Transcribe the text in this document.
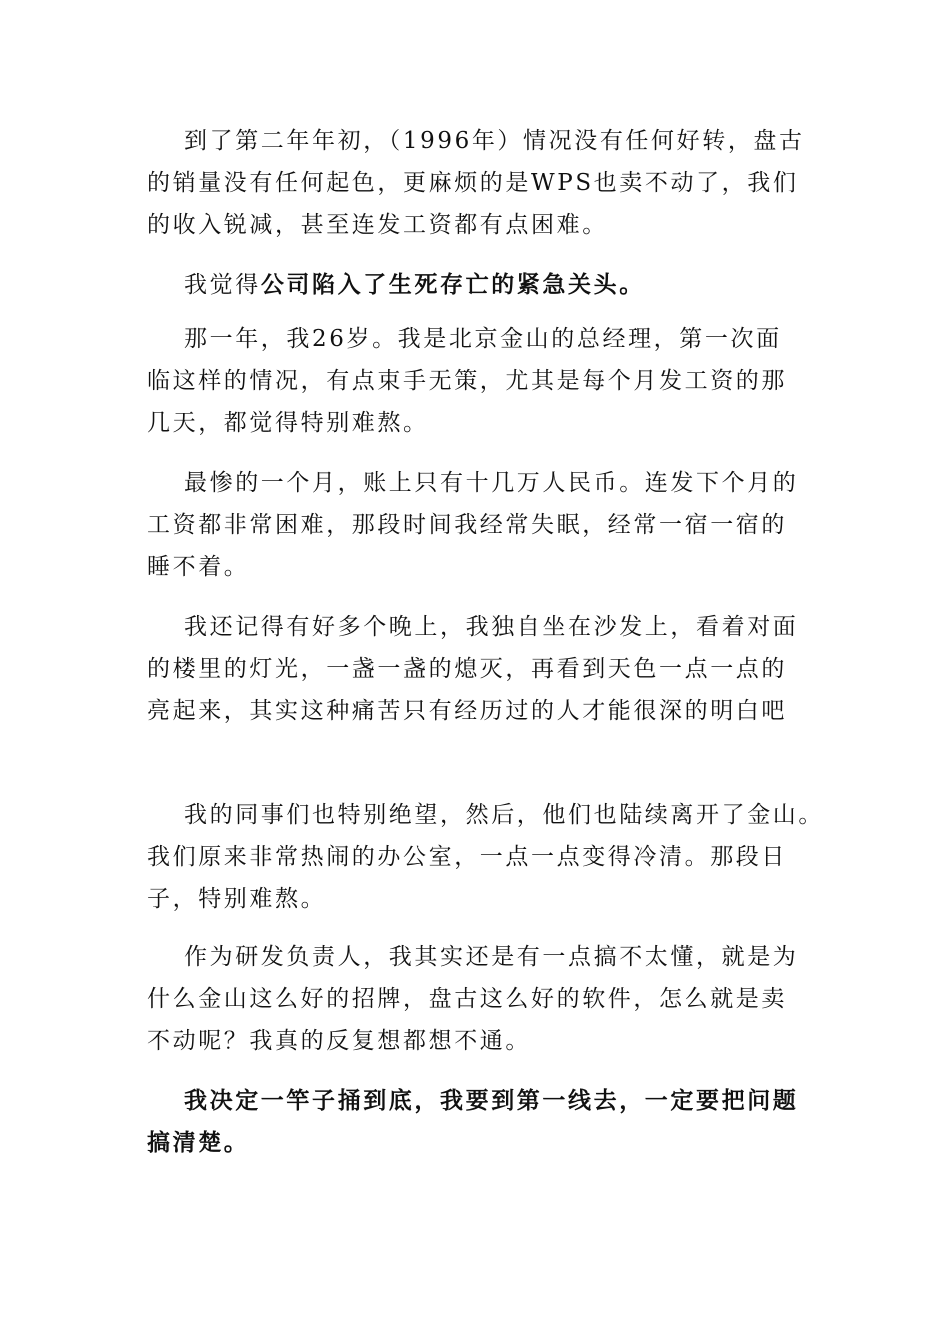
到了第二年年初，（1996年）情况没有任何好转，盘古的销量没有任何起色，更麻烦的是WPS也卖不动了，我们的收入锐减，甚至连发工资都有点困难。

我觉得公司陷入了生死存亡的紧急关头。

那一年，我26岁。我是北京金山的总经理，第一次面临这样的情况，有点束手无策，尤其是每个月发工资的那几天，都觉得特别难熬。

最惨的一个月，账上只有十几万人民币。连发下个月的工资都非常困难，那段时间我经常失眠，经常一宿一宿的睡不着。

我还记得有好多个晚上，我独自坐在沙发上，看着对面的楼里的灯光，一盏一盏的熄灭，再看到天色一点一点的亮起来，其实这种痛苦只有经历过的人才能很深的明白吧

我的同事们也特别绝望，然后，他们也陆续离开了金山。我们原来非常热闹的办公室，一点一点变得冷清。那段日子，特别难熬。

作为研发负责人，我其实还是有一点搞不太懂，就是为什么金山这么好的招牌，盘古这么好的软件，怎么就是卖不动呢？我真的反复想都想不通。

我决定一竿子捅到底，我要到第一线去，一定要把问题搞清楚。
